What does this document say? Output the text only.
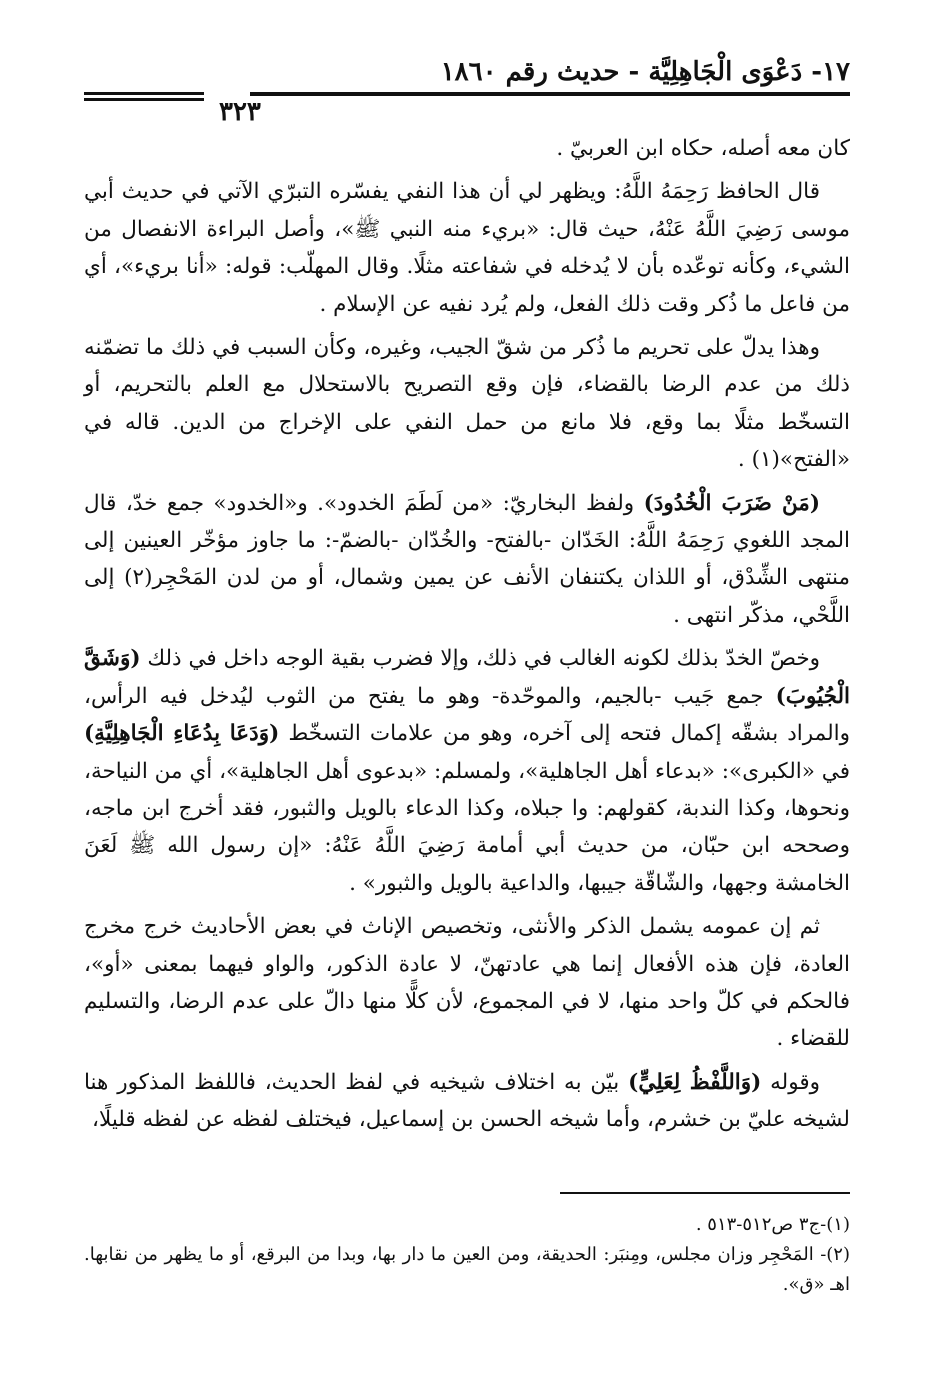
١٧- دَعْوَى الْجَاهِلِيَّة - حديث رقم ١٨٦٠
٣٢٣

كان معه أصله، حكاه ابن العربيّ .

قال الحافظ رَحِمَهُ اللَّهُ: ويظهر لي أن هذا النفي يفسّره التبرّي الآتي في حديث أبي موسى رَضِيَ اللَّهُ عَنْهُ، حيث قال: «بريء منه النبي ﷺ»، وأصل البراءة الانفصال من الشيء، وكأنه توعّده بأن لا يُدخله في شفاعته مثلًا. وقال المهلّب: قوله: «أنا بريء»، أي من فاعل ما ذُكر وقت ذلك الفعل، ولم يُرد نفيه عن الإسلام .

وهذا يدلّ على تحريم ما ذُكر من شقّ الجيب، وغيره، وكأن السبب في ذلك ما تضمّنه ذلك من عدم الرضا بالقضاء، فإن وقع التصريح بالاستحلال مع العلم بالتحريم، أو التسخّط مثلًا بما وقع، فلا مانع من حمل النفي على الإخراج من الدين. قاله في «الفتح»(١) .

(مَنْ ضَرَبَ الْخُدُودَ) ولفظ البخاريّ: «من لَطَمَ الخدود». و«الخدود» جمع خدّ، قال المجد اللغوي رَحِمَهُ اللَّهُ: الخَدّان -بالفتح- والخُدّان -بالضمّ-: ما جاوز مؤخّر العينين إلى منتهى الشِّدْق، أو اللذان يكتنفان الأنف عن يمين وشمال، أو من لدن المَحْجِر(٢) إلى اللَّحْي، مذكّر انتهى .

وخصّ الخدّ بذلك لكونه الغالب في ذلك، وإلا فضرب بقية الوجه داخل في ذلك (وَشَقَّ الْجُيُوبَ) جمع جَيب -بالجيم، والموحّدة- وهو ما يفتح من الثوب ليُدخل فيه الرأس، والمراد بشقّه إكمال فتحه إلى آخره، وهو من علامات التسخّط (وَدَعَا بِدُعَاءِ الْجَاهِلِيَّةِ) في «الكبرى»: «بدعاء أهل الجاهلية»، ولمسلم: «بدعوى أهل الجاهلية»، أي من النياحة، ونحوها، وكذا الندبة، كقولهم: وا جبلاه، وكذا الدعاء بالويل والثبور، فقد أخرج ابن ماجه، وصححه ابن حبّان، من حديث أبي أمامة رَضِيَ اللَّهُ عَنْهُ: «إن رسول الله ﷺ لَعَنَ الخامشة وجهها، والشّاقّة جيبها، والداعية بالويل والثبور» .

ثم إن عمومه يشمل الذكر والأنثى، وتخصيص الإناث في بعض الأحاديث خرج مخرج العادة، فإن هذه الأفعال إنما هي عادتهنّ، لا عادة الذكور، والواو فيهما بمعنى «أو»، فالحكم في كلّ واحد منها، لا في المجموع، لأن كلًّا منها دالّ على عدم الرضا، والتسليم للقضاء .

وقوله (وَاللَّفْظُ لِعَلِيٍّ) بيّن به اختلاف شيخيه في لفظ الحديث، فاللفظ المذكور هنا لشيخه عليّ بن خشرم، وأما شيخه الحسن بن إسماعيل، فيختلف لفظه عن لفظه قليلًا،

(١)-ج٣ ص٥١٢-٥١٣ .

(٢)- المَحْجِر وزان مجلس، ومِنبَر: الحديقة، ومن العين ما دار بها، وبدا من البرقع، أو ما يظهر من نقابها. اهـ «ق».
